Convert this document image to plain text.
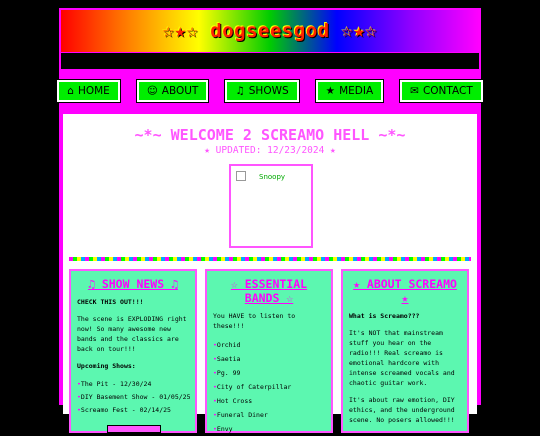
☆★☆ dogseesgod ☆★☆
⌂ HOME	☺ ABOUT	♫ SHOWS	★ MEDIA	✉ CONTACT
~*~ WELCOME 2 SCREAMO HELL ~*~
★ UPDATED: 12/23/2024 ★
Snoopy
♫ SHOW NEWS ♫

CHECK THIS OUT!!!

The scene is EXPLODING right now! So many awesome new bands and the classics are back on tour!!!

Upcoming Shows:

• The Pit - 12/30/24
• DIY Basement Show - 01/05/25
• Screamo Fest - 02/14/25
☆ ESSENTIAL BANDS ☆

You HAVE to listen to these!!!

• Orchid
• Saetia
• Pg. 99
• City of Caterpillar
• Hot Cross
• Funeral Diner
• Envy
★ ABOUT SCREAMO ★

What is Screamo???

It's NOT that mainstream stuff you hear on the radio!!! Real screamo is emotional hardcore with intense screamed vocals and chaotic guitar work.

It's about raw emotion, DIY ethics, and the underground scene. No posers allowed!!!
